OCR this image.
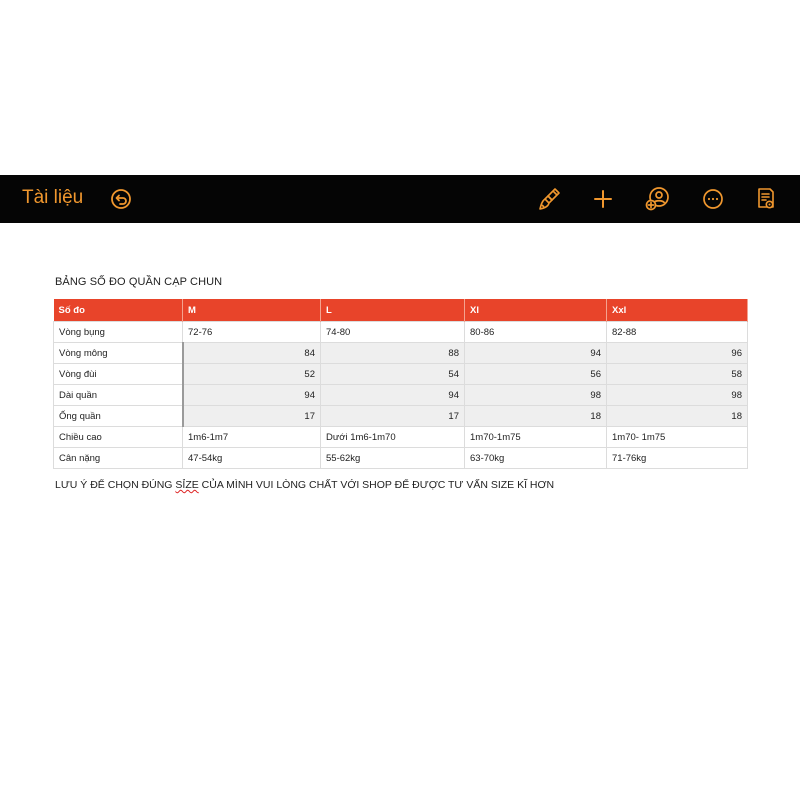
Tài liệu
BẢNG SỐ ĐO QUẦN CẠP CHUN
Số đo	M	L	Xl	Xxl
Vòng bụng	72-76	74-80	80-86	82-88
Vòng mông	84	88	94	96
Vòng đùi	52	54	56	58
Dài quần	94	94	98	98
Ống quần	17	17	18	18
Chiều cao	1m6-1m7	Dưới 1m6-1m70	1m70-1m75	1m70- 1m75
Cân nặng	47-54kg	55-62kg	63-70kg	71-76kg
LƯU Ý ĐỂ CHỌN ĐÚNG SỈZE CỦA MÌNH VUI LÒNG CHẤT VỚI SHOP ĐỂ ĐƯỢC TƯ VẤN SIZE KĨ HƠN
